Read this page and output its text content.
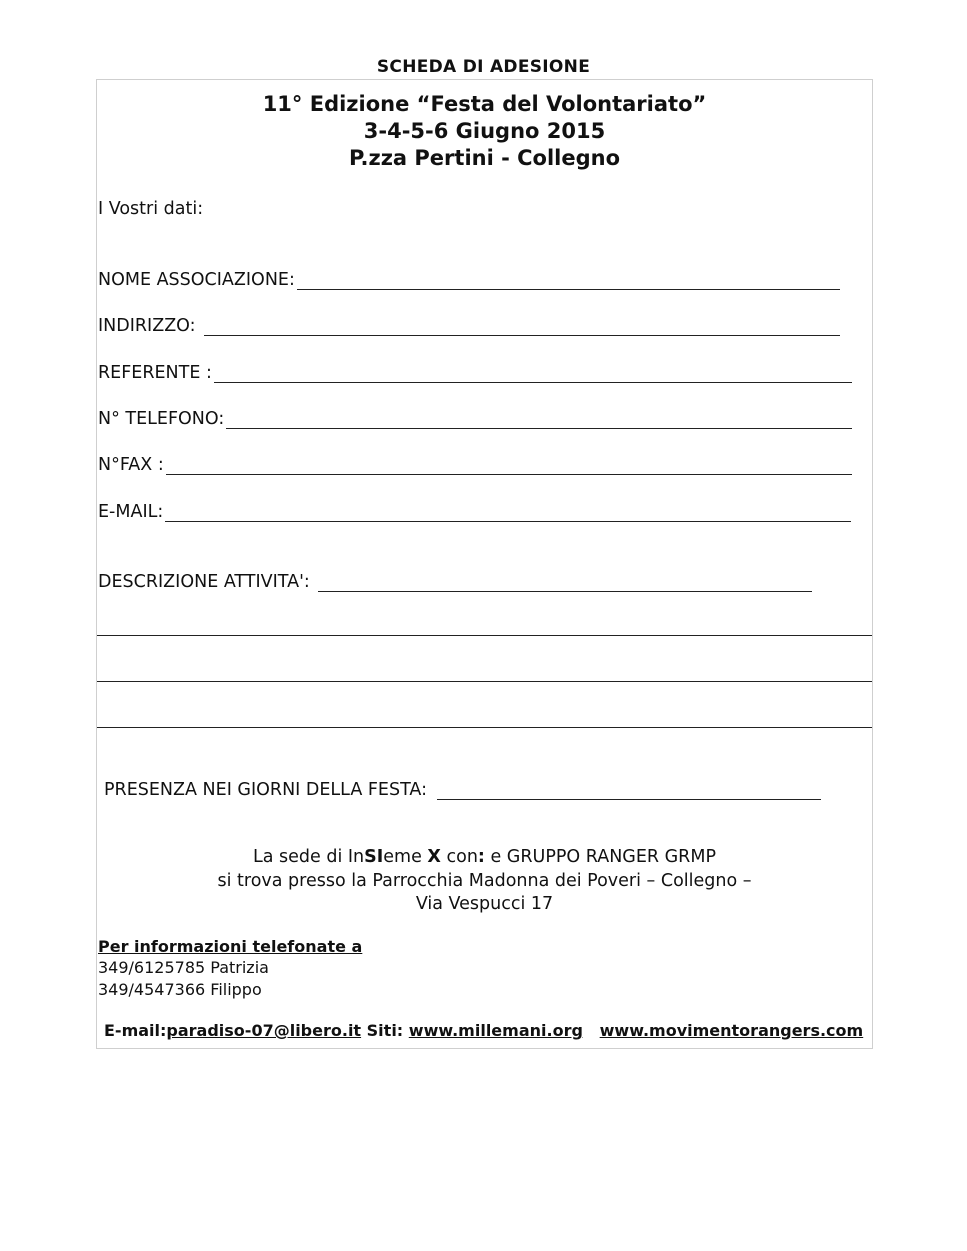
SCHEDA DI ADESIONE
11° Edizione “Festa del Volontariato”
3-4-5-6 Giugno 2015
P.zza Pertini - Collegno
I Vostri dati:
NOME ASSOCIAZIONE:
INDIRIZZO:
REFERENTE :
N° TELEFONO:
N°FAX :
E-MAIL:
DESCRIZIONE ATTIVITA':
PRESENZA NEI GIORNI DELLA FESTA:
La sede di InSIeme X con: e GRUPPO RANGER GRMP
si trova presso la Parrocchia Madonna dei Poveri – Collegno –
Via Vespucci 17
Per informazioni telefonate a
349/6125785 Patrizia
349/4547366 Filippo
E-mail:paradiso-07@libero.it Siti: www.millemani.org www.movimentorangers.com
